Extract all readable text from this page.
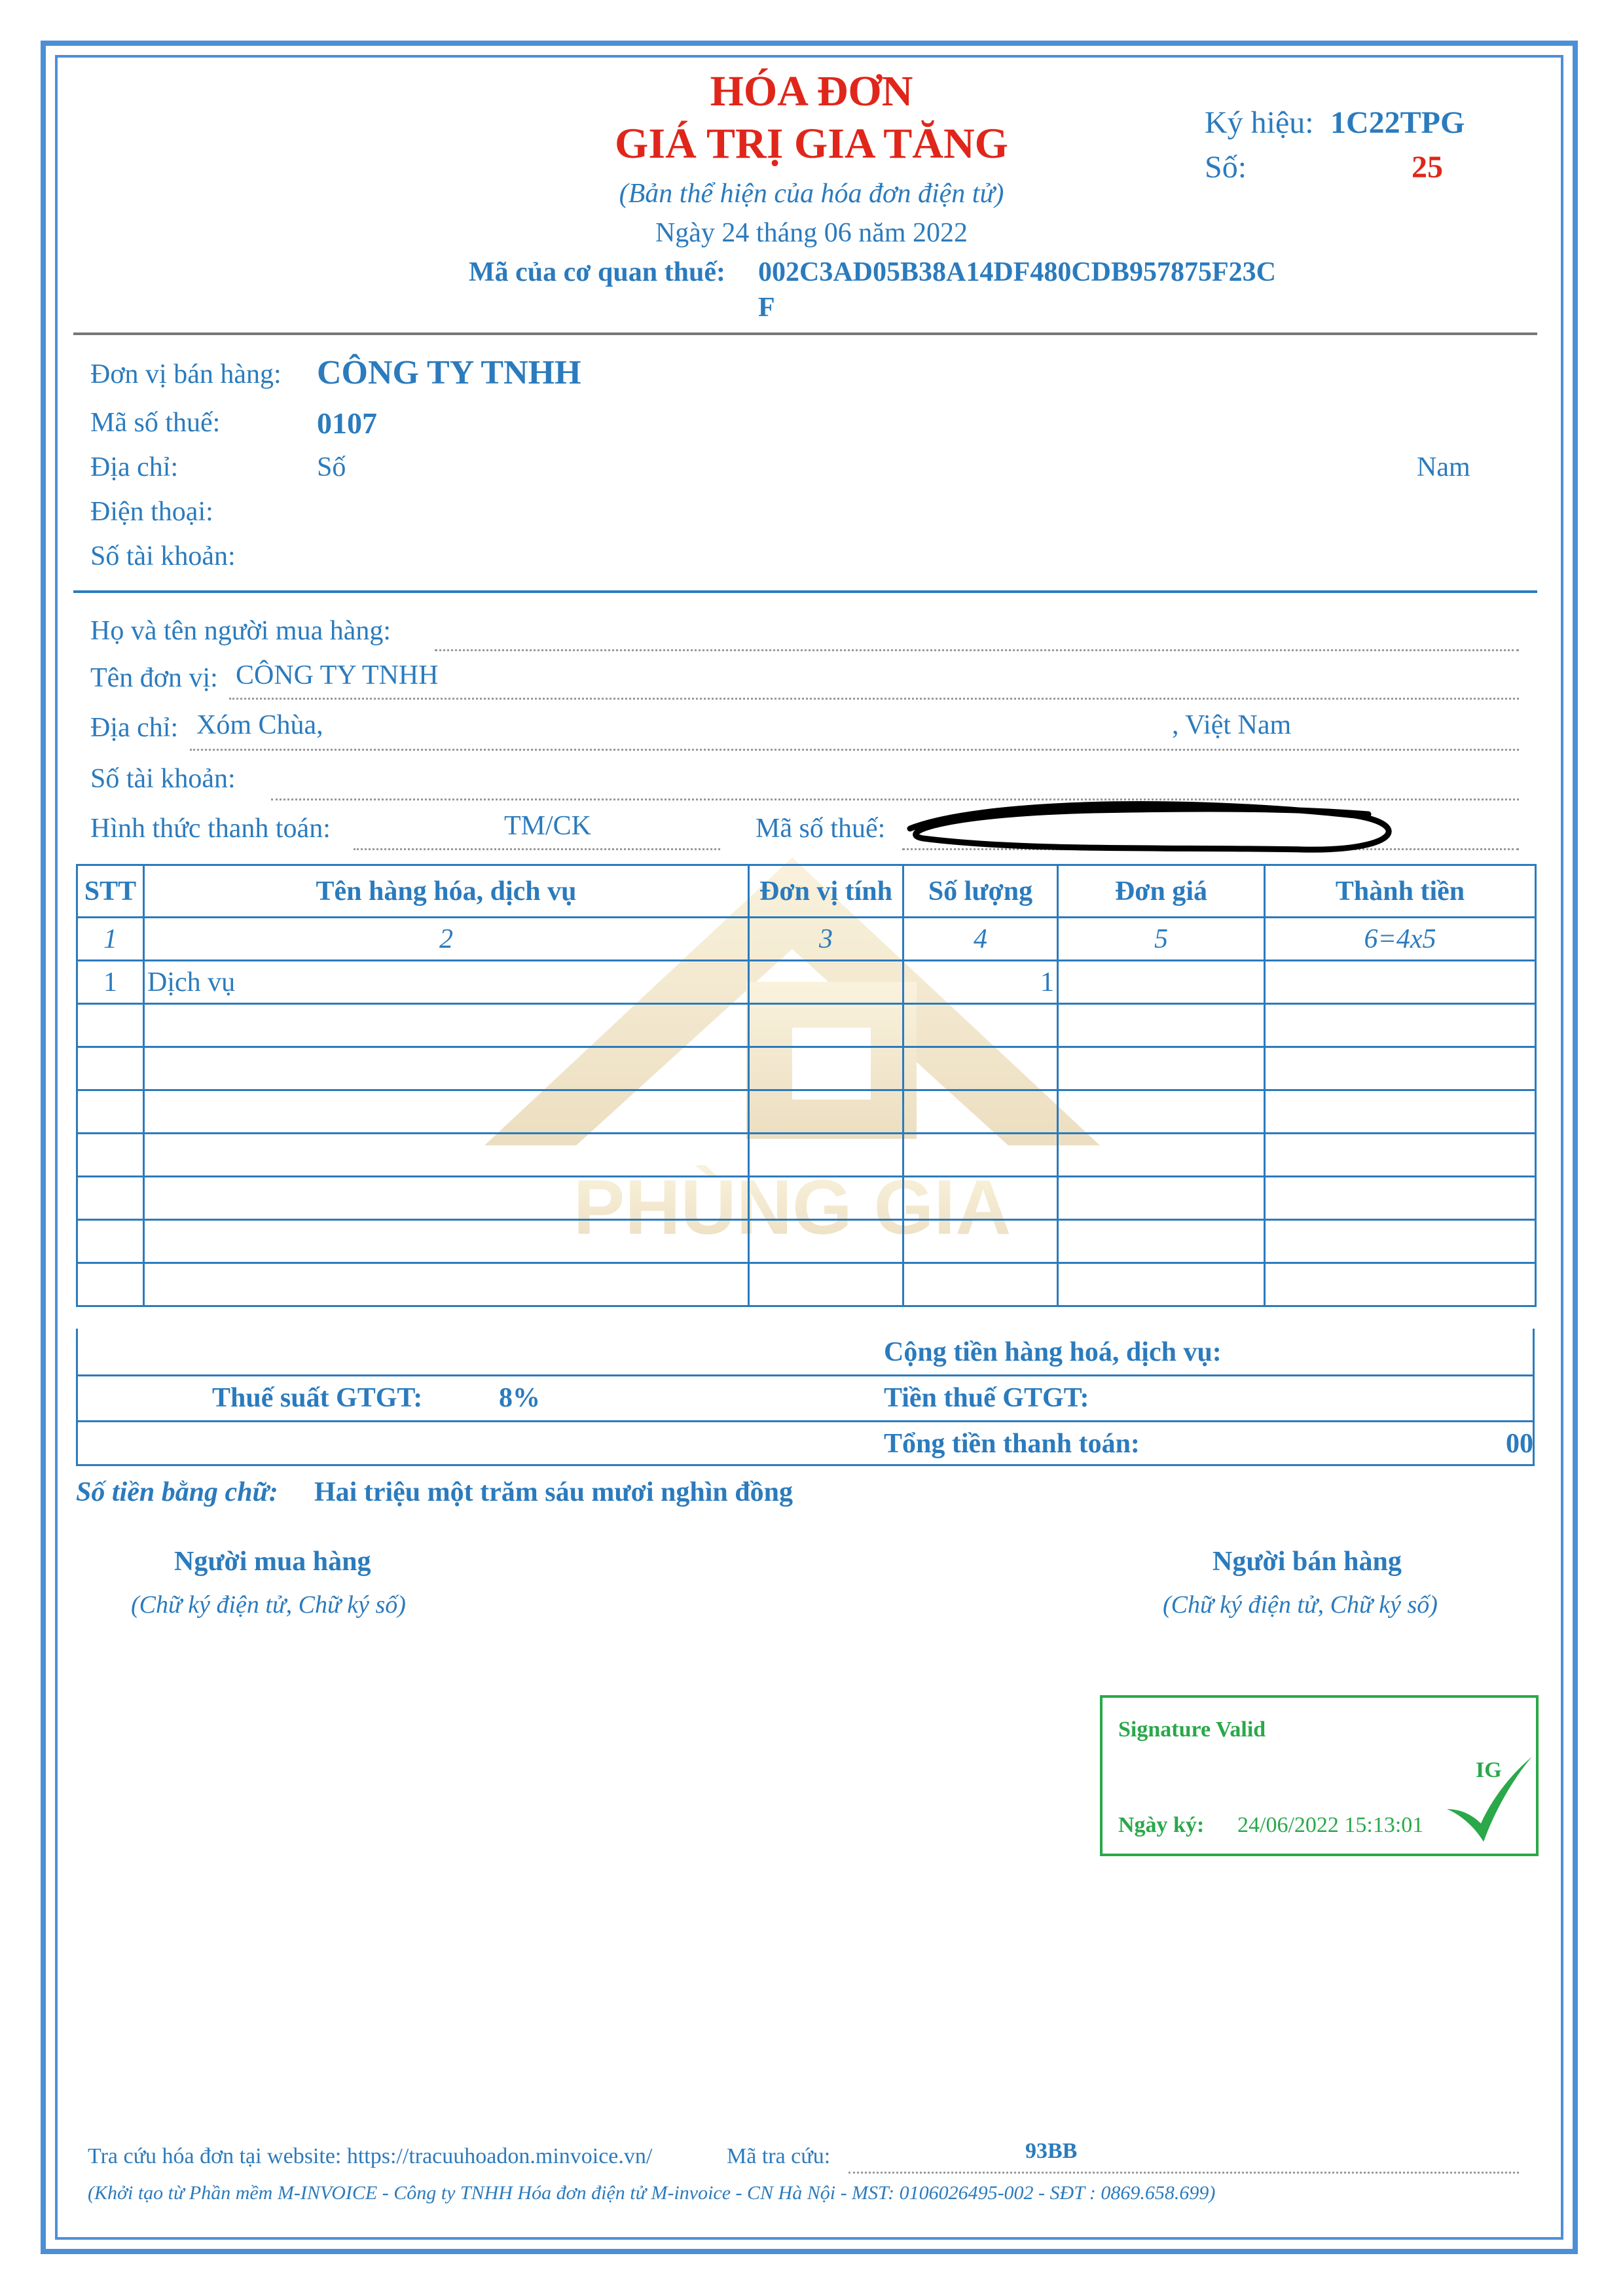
PHÙNG GIA
HÓA ĐƠN
GIÁ TRỊ GIA TĂNG
(Bản thể hiện của hóa đơn điện tử)
Ngày 24 tháng 06 năm 2022
Mã của cơ quan thuế: 002C3AD05B38A14DF480CDB957875F23C
F
Ký hiệu: 1C22TPG
Số:	25
Đơn vị bán hàng: CÔNG TY TNHH
Mã số thuế:	0107
Địa chỉ:	Số	Nam
Điện thoại:
Số tài khoản:
Họ và tên người mua hàng:
Tên đơn vị: CÔNG TY TNHH
Địa chỉ: Xóm Chùa,	, Việt Nam
Số tài khoản:
Hình thức thanh toán:	TM/CK	Mã số thuế:
STT	Tên hàng hóa, dịch vụ	Đơn vị tính	Số lượng	Đơn giá	Thành tiền
1	2	3	4	5	6=4x5
1	Dịch vụ		1		

Cộng tiền hàng hoá, dịch vụ:
Thuế suất GTGT:	8%	Tiền thuế GTGT:
Tổng tiền thanh toán:	00
Số tiền bằng chữ: Hai triệu một trăm sáu mươi nghìn đồng
Người mua hàng
(Chữ ký điện tử, Chữ ký số)
Người bán hàng
(Chữ ký điện tử, Chữ ký số)
Signature Valid
IG
Ngày ký: 24/06/2022 15:13:01
Tra cứu hóa đơn tại website: https://tracuuhoadon.minvoice.vn/	Mã tra cứu:	93BB
(Khởi tạo từ Phần mềm M-INVOICE - Công ty TNHH Hóa đơn điện tử M-invoice - CN Hà Nội - MST: 0106026495-002 - SĐT : 0869.658.699)
